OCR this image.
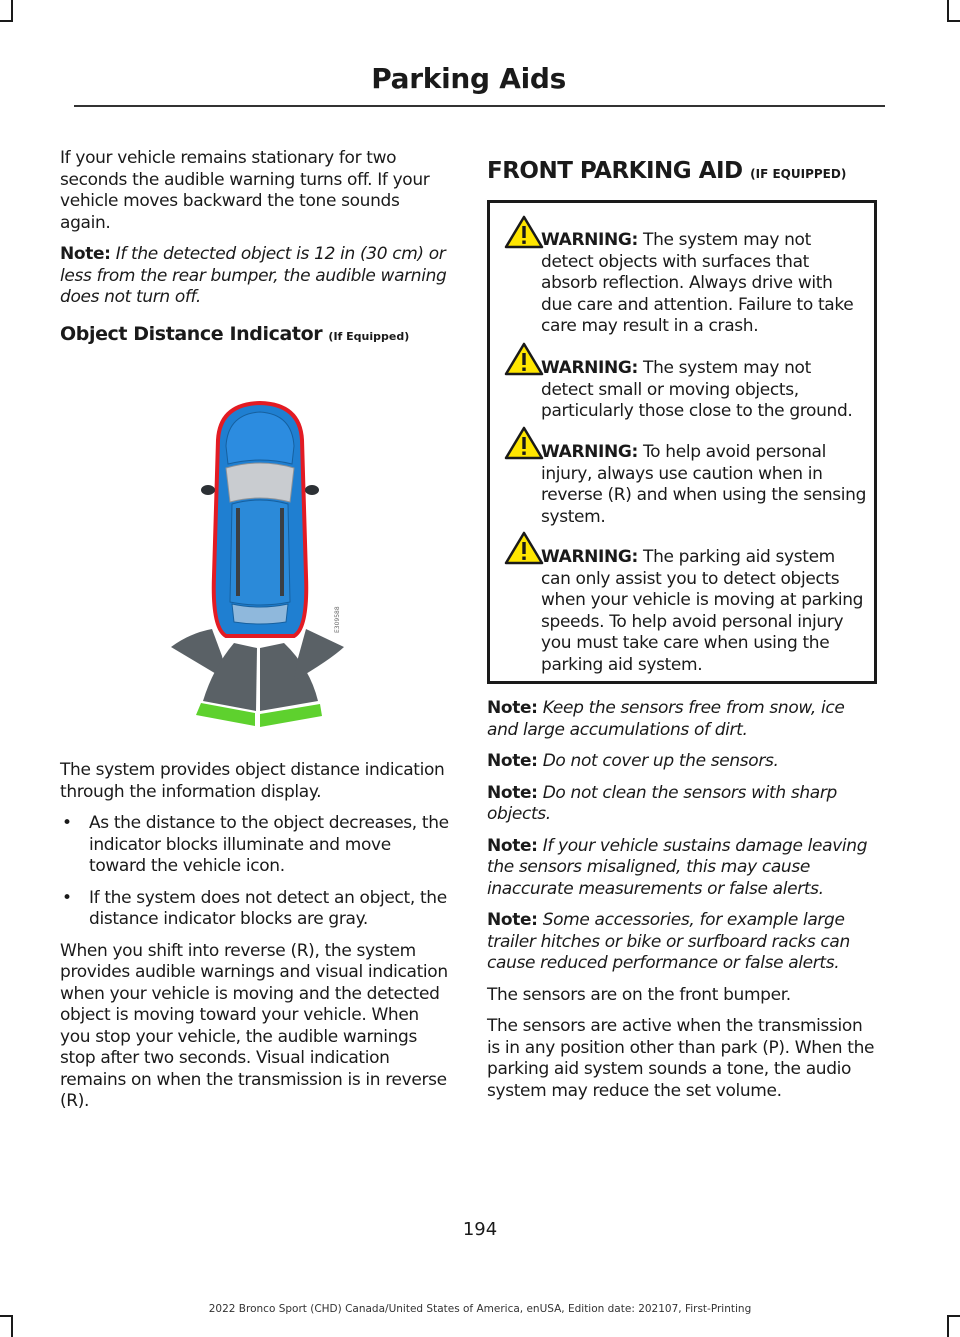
Parking Aids

If your vehicle remains stationary for two seconds the audible warning turns off. If your vehicle moves backward the tone sounds again.

Note: If the detected object is 12 in (30 cm) or less from the rear bumper, the audible warning does not turn off.

Object Distance Indicator (If Equipped)
E309588

The system provides object distance indication through the information display.

• As the distance to the object decreases, the indicator blocks illuminate and move toward the vehicle icon.
• If the system does not detect an object, the distance indicator blocks are gray.

When you shift into reverse (R), the system provides audible warnings and visual indication when your vehicle is moving and the detected object is moving toward your vehicle. When you stop your vehicle, the audible warnings stop after two seconds. Visual indication remains on when the transmission is in reverse (R).

FRONT PARKING AID (IF EQUIPPED)
WARNING: The system may not detect objects with surfaces that absorb reflection. Always drive with due care and attention. Failure to take care may result in a crash.
WARNING: The system may not detect small or moving objects, particularly those close to the ground.
WARNING: To help avoid personal injury, always use caution when in reverse (R) and when using the sensing system.
WARNING: The parking aid system can only assist you to detect objects when your vehicle is moving at parking speeds. To help avoid personal injury you must take care when using the parking aid system.

Note: Keep the sensors free from snow, ice and large accumulations of dirt.

Note: Do not cover up the sensors.

Note: Do not clean the sensors with sharp objects.

Note: If your vehicle sustains damage leaving the sensors misaligned, this may cause inaccurate measurements or false alerts.

Note: Some accessories, for example large trailer hitches or bike or surfboard racks can cause reduced performance or false alerts.

The sensors are on the front bumper.

The sensors are active when the transmission is in any position other than park (P). When the parking aid system sounds a tone, the audio system may reduce the set volume.

194
2022 Bronco Sport (CHD) Canada/United States of America, enUSA, Edition date: 202107, First-Printing
